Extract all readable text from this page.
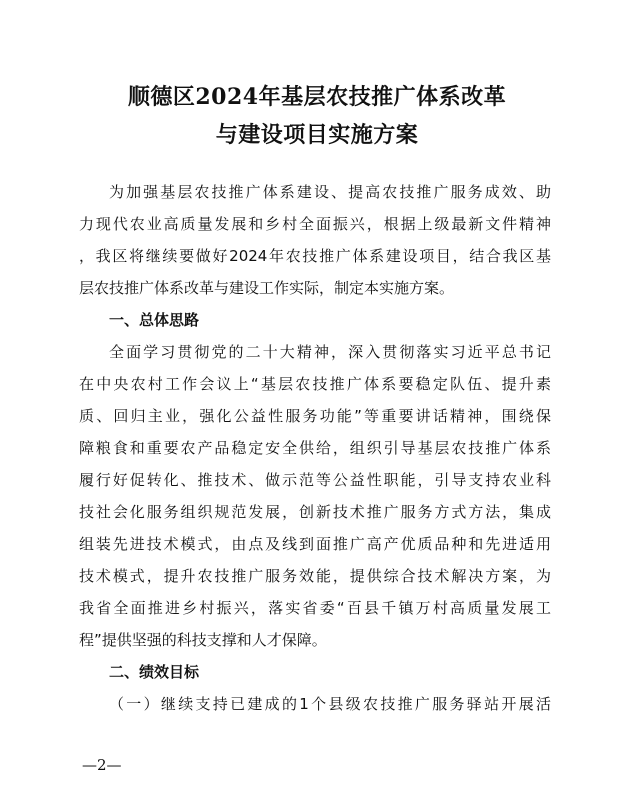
顺德区2024年基层农技推广体系改革
与建设项目实施方案
为加强基层农技推广体系建设、提高农技推广服务成效、助
力现代农业高质量发展和乡村全面振兴，根据上级最新文件精神
，我区将继续要做好2024年农技推广体系建设项目，结合我区基
层农技推广体系改革与建设工作实际，制定本实施方案。
一、总体思路
全面学习贯彻党的二十大精神，深入贯彻落实习近平总书记
在中央农村工作会议上“基层农技推广体系要稳定队伍、提升素
质、回归主业，强化公益性服务功能”等重要讲话精神，围绕保
障粮食和重要农产品稳定安全供给，组织引导基层农技推广体系
履行好促转化、推技术、做示范等公益性职能，引导支持农业科
技社会化服务组织规范发展，创新技术推广服务方式方法，集成
组装先进技术模式，由点及线到面推广高产优质品种和先进适用
技术模式，提升农技推广服务效能，提供综合技术解决方案，为
我省全面推进乡村振兴，落实省委“百县千镇万村高质量发展工
程”提供坚强的科技支撑和人才保障。
二、绩效目标
（一）继续支持已建成的1个县级农技推广服务驿站开展活
—2—
